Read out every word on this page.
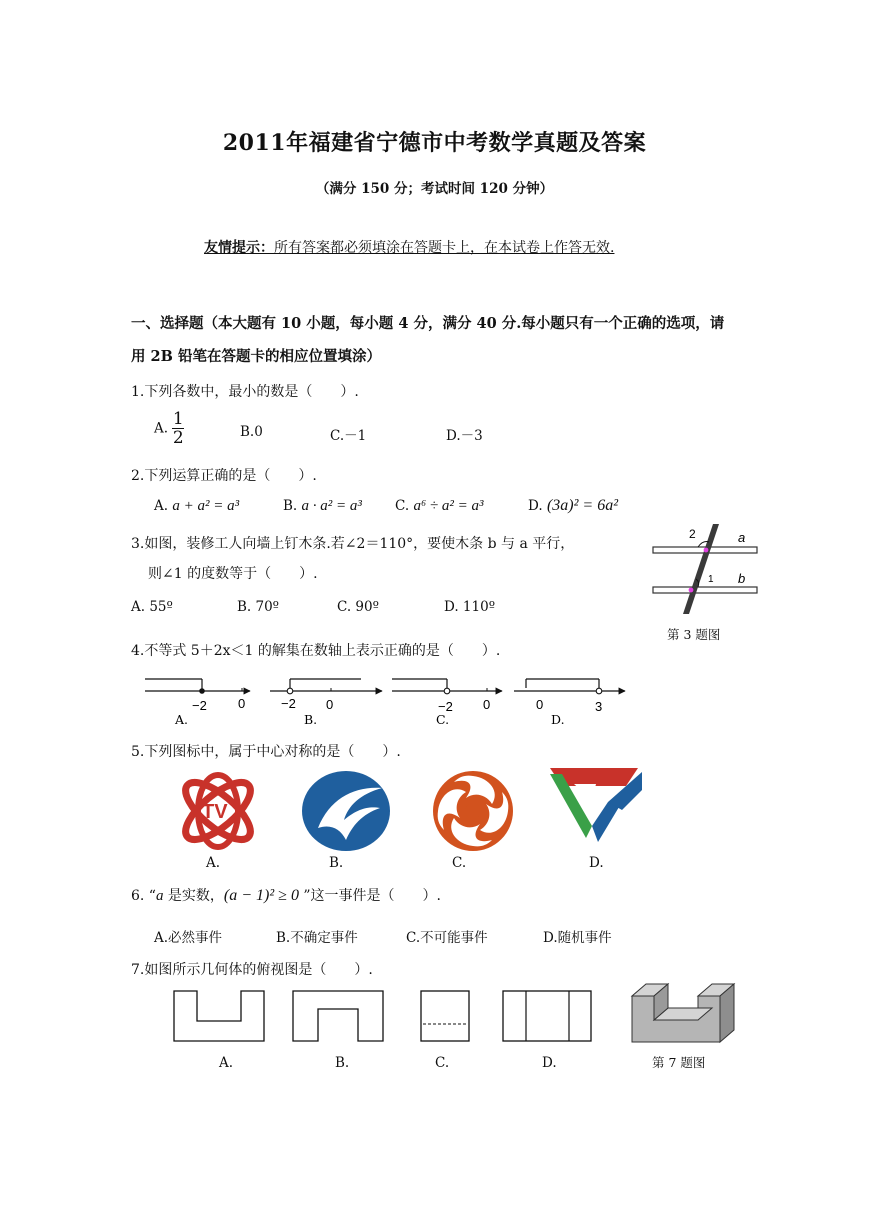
2011年福建省宁德市中考数学真题及答案
（满分 150 分；考试时间 120 分钟）
友情提示：所有答案都必须填涂在答题卡上，在本试卷上作答无效.
一、选择题（本大题有 10 小题，每小题 4 分，满分 40 分.每小题只有一个正确的选项，请
用 2B 铅笔在答题卡的相应位置填涂）
1.下列各数中，最小的数是（　　）.
A. $\frac{1}{2}$	B.0	C.－1	D.－3
2.下列运算正确的是（　　）.
A. a + a² = a³	B. a · a² = a³ C. a⁶ ÷ a² = a³	D. (3a)² = 6a²
3.如图，装修工人向墙上钉木条.若∠2＝110°，要使木条 b 与 a 平行，
则∠1 的度数等于（　　）.
A. 55º	B. 70º	C. 90º	D. 110º
2	a
1 b
第 3 题图
4.不等式 5＋2x＜1 的解集在数轴上表示正确的是（　　）.
−2 0
A.
−2 0
B.
−2 0
C.
0	3
D.
5.下列图标中，属于中心对称的是（　　）.
TV
A.	B.	C.	D.
6. “a 是实数，(a − 1)² ≥ 0 ”这一事件是（　　）.
A.必然事件	B.不确定事件	C.不可能事件	D.随机事件
7.如图所示几何体的俯视图是（　　）.
A.	B.	C.	D.	第 7 题图
